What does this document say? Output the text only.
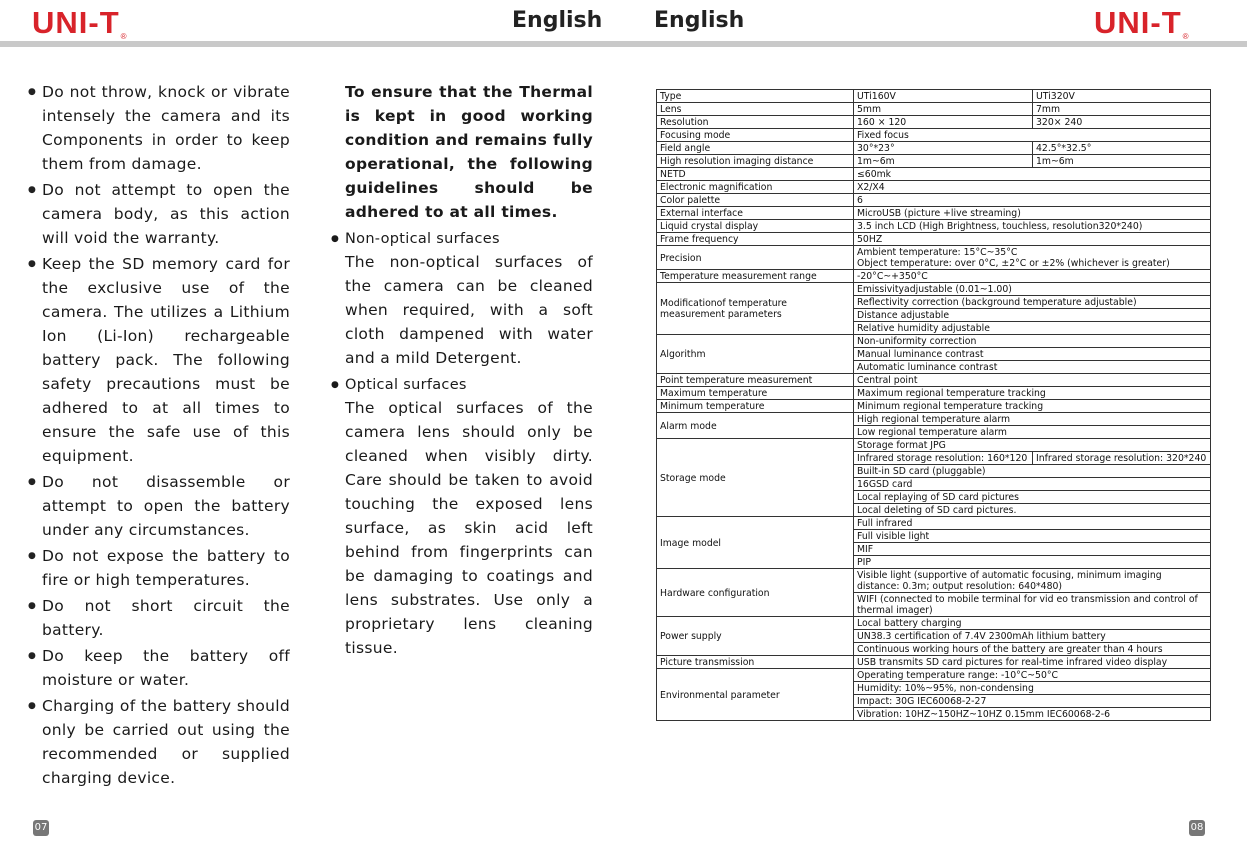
UNI-T®
English English	UNI-T®
● Do not throw, knock or vibrate intensely the camera and its Components in order to keep them from damage.
● Do not attempt to open the camera body, as this action will void the warranty.
● Keep the SD memory card for the exclusive use of the camera. The utilizes a Lithium Ion (Li-Ion) rechargeable battery pack. The following safety precautions must be adhered to at all times to ensure the safe use of this equipment.
● Do not disassemble or attempt to open the battery under any circumstances.
● Do not expose the battery to fire or high temperatures.
● Do not short circuit the battery.
● Do keep the battery off moisture or water.
● Charging of the battery should only be carried out using the recommended or supplied charging device.
To ensure that the Thermal is kept in good working condition and remains fully operational, the following guidelines should be adhered to at all times.
● Non-optical surfaces
The non-optical surfaces of the camera can be cleaned when required, with a soft cloth dampened with water and a mild Detergent.
● Optical surfaces
The optical surfaces of the camera lens should only be cleaned when visibly dirty. Care should be taken to avoid touching the exposed lens surface, as skin acid left behind from fingerprints can be damaging to coatings and lens substrates. Use only a proprietary lens cleaning tissue.
Type	UTi160V	UTi320V
Lens	5mm	7mm
Resolution	160 × 120	320× 240
Focusing mode	Fixed focus	
Field angle	30°*23°	42.5°*32.5°
High resolution imaging distance	1m~6m	1m~6m
NETD	≤60mk	
Electronic magnification	X2/X4	
Color palette	6	
External interface	MicroUSB (picture +live streaming)	
Liquid crystal display	3.5 inch LCD (High Brightness, touchless, resolution320*240)	
Frame frequency	50HZ	
Precision	Ambient temperature: 15°C~35°C
Object temperature: over 0°C, ±2°C or ±2% (whichever is greater)	

Temperature measurement range	-20°C~+350°C	
Modificationof temperature measurement parameters	Emissivityadjustable (0.01~1.00)	
	Reflectivity correction (background temperature adjustable)	
	Distance adjustable	
	Relative humidity adjustable	
Algorithm	Non-uniformity correction	
	Manual luminance contrast	
	Automatic luminance contrast	
Point temperature measurement	Central point	
Maximum temperature	Maximum regional temperature tracking	
Minimum temperature	Minimum regional temperature tracking	
Alarm mode	High regional temperature alarm	
	Low regional temperature alarm	
Storage mode	Storage format JPG	
	Infrared storage resolution: 160*120	Infrared storage resolution: 320*240
	Built-in SD card (pluggable)	
	16GSD card	
	Local replaying of SD card pictures	
	Local deleting of SD card pictures.	
Image model	Full infrared	
	Full visible light	
	MIF	
	PIP	
Hardware configuration	Visible light (supportive of automatic focusing, minimum imaging distance: 0.3m; output resolution: 640*480)	
	WIFI (connected to mobile terminal for vid eo transmission and control of thermal imager)	
Power supply	Local battery charging	
	UN38.3 certification of 7.4V 2300mAh lithium battery	
	Continuous working hours of the battery are greater than 4 hours	
Picture transmission	USB transmits SD card pictures for real-time infrared video display	
Environmental parameter	Operating temperature range: -10°C~50°C	
	Humidity: 10%~95%, non-condensing	
	Impact: 30G IEC60068-2-27	
	Vibration: 10HZ~150HZ~10HZ 0.15mm IEC60068-2-6	
07	08
